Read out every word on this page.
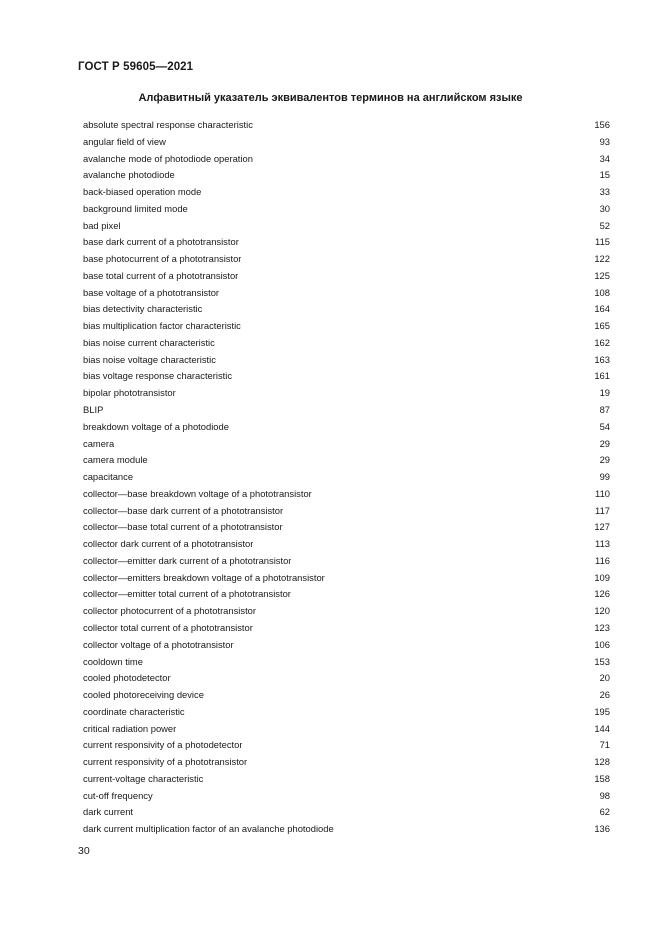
ГОСТ Р 59605—2021
Алфавитный указатель эквивалентов терминов на английском языке
absolute spectral response characteristic	156
angular field of view	93
avalanche mode of photodiode operation	34
avalanche photodiode	15
back-biased operation mode	33
background limited mode	30
bad pixel	52
base dark current of a phototransistor	115
base photocurrent of a phototransistor	122
base total current of a phototransistor	125
base voltage of a phototransistor	108
bias detectivity characteristic	164
bias multiplication factor characteristic	165
bias noise current characteristic	162
bias noise voltage characteristic	163
bias voltage response characteristic	161
bipolar phototransistor	19
BLIP	87
breakdown voltage of a photodiode	54
camera	29
camera module	29
capacitance	99
collector—base breakdown voltage of a phototransistor	110
collector—base dark current of a phototransistor	117
collector—base total current of a phototransistor	127
collector dark current of a phototransistor	113
collector—emitter dark current of a phototransistor	116
collector—emitters breakdown voltage of a phototransistor	109
collector—emitter total current of a phototransistor	126
collector photocurrent of a phototransistor	120
collector total current of a phototransistor	123
collector voltage of a phototransistor	106
cooldown time	153
cooled photodetector	20
cooled photoreceiving device	26
coordinate characteristic	195
critical radiation power	144
current responsivity of a photodetector	71
current responsivity of a phototransistor	128
current-voltage characteristic	158
cut-off frequency	98
dark current	62
dark current multiplication factor of an avalanche photodiode	136
30
